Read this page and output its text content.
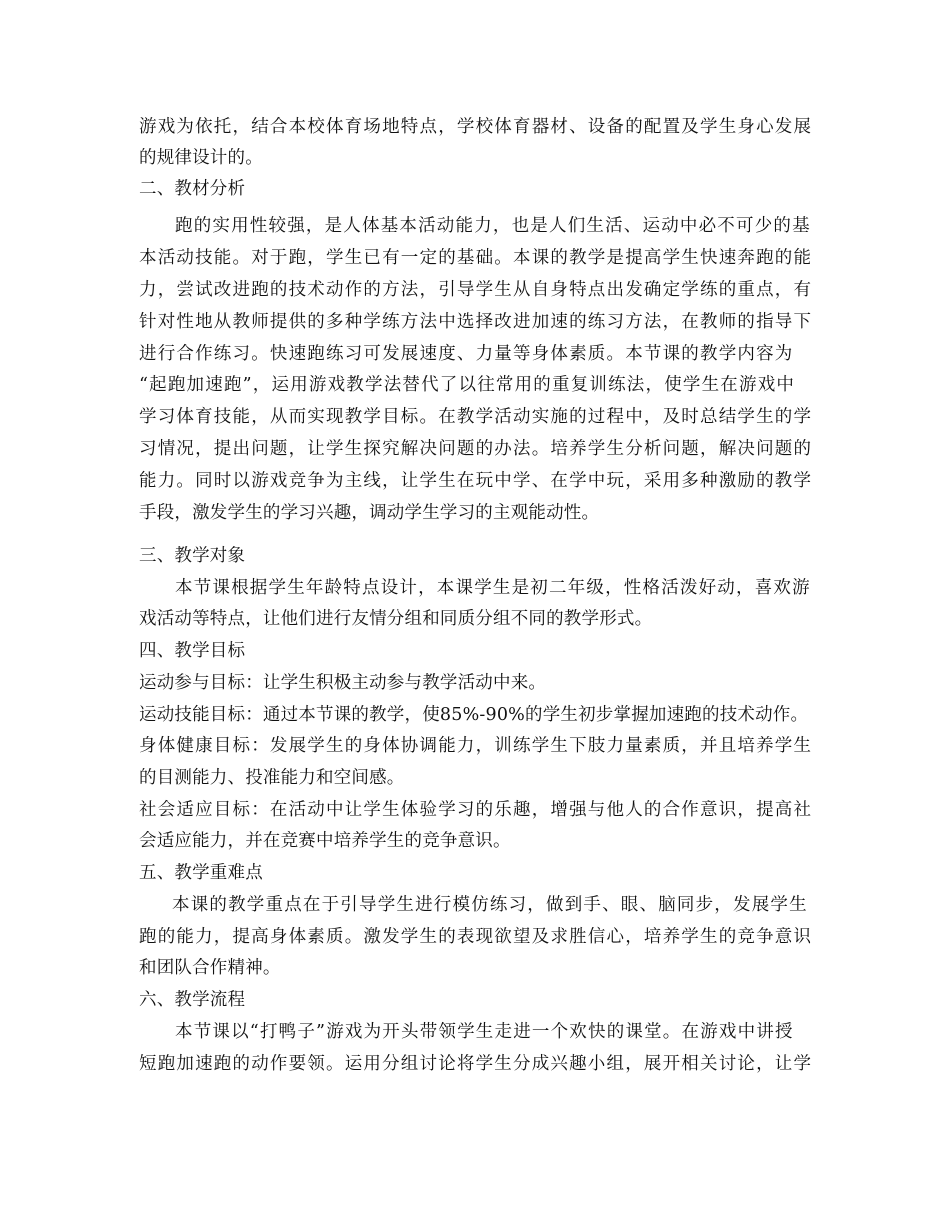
游戏为依托，结合本校体育场地特点，学校体育器材、设备的配置及学生身心发展
的规律设计的。
二、教材分析
跑的实用性较强，是人体基本活动能力，也是人们生活、运动中必不可少的基
本活动技能。对于跑，学生已有一定的基础。本课的教学是提高学生快速奔跑的能
力，尝试改进跑的技术动作的方法，引导学生从自身特点出发确定学练的重点，有
针对性地从教师提供的多种学练方法中选择改进加速的练习方法，在教师的指导下
进行合作练习。快速跑练习可发展速度、力量等身体素质。本节课的教学内容为
“起跑加速跑”，运用游戏教学法替代了以往常用的重复训练法，使学生在游戏中
学习体育技能，从而实现教学目标。在教学活动实施的过程中，及时总结学生的学
习情况，提出问题，让学生探究解决问题的办法。培养学生分析问题，解决问题的
能力。同时以游戏竞争为主线，让学生在玩中学、在学中玩，采用多种激励的教学
手段，激发学生的学习兴趣，调动学生学习的主观能动性。
三、教学对象
本节课根据学生年龄特点设计，本课学生是初二年级，性格活泼好动，喜欢游
戏活动等特点，让他们进行友情分组和同质分组不同的教学形式。
四、教学目标
运动参与目标：让学生积极主动参与教学活动中来。
运动技能目标：通过本节课的教学，使85%-90%的学生初步掌握加速跑的技术动作。
身体健康目标：发展学生的身体协调能力，训练学生下肢力量素质，并且培养学生
的目测能力、投准能力和空间感。
社会适应目标：在活动中让学生体验学习的乐趣，增强与他人的合作意识，提高社
会适应能力，并在竞赛中培养学生的竞争意识。
五、教学重难点
本课的教学重点在于引导学生进行模仿练习，做到手、眼、脑同步，发展学生
跑的能力，提高身体素质。激发学生的表现欲望及求胜信心，培养学生的竞争意识
和团队合作精神。
六、教学流程
本节课以“打鸭子”游戏为开头带领学生走进一个欢快的课堂。在游戏中讲授
短跑加速跑的动作要领。运用分组讨论将学生分成兴趣小组，展开相关讨论，让学
